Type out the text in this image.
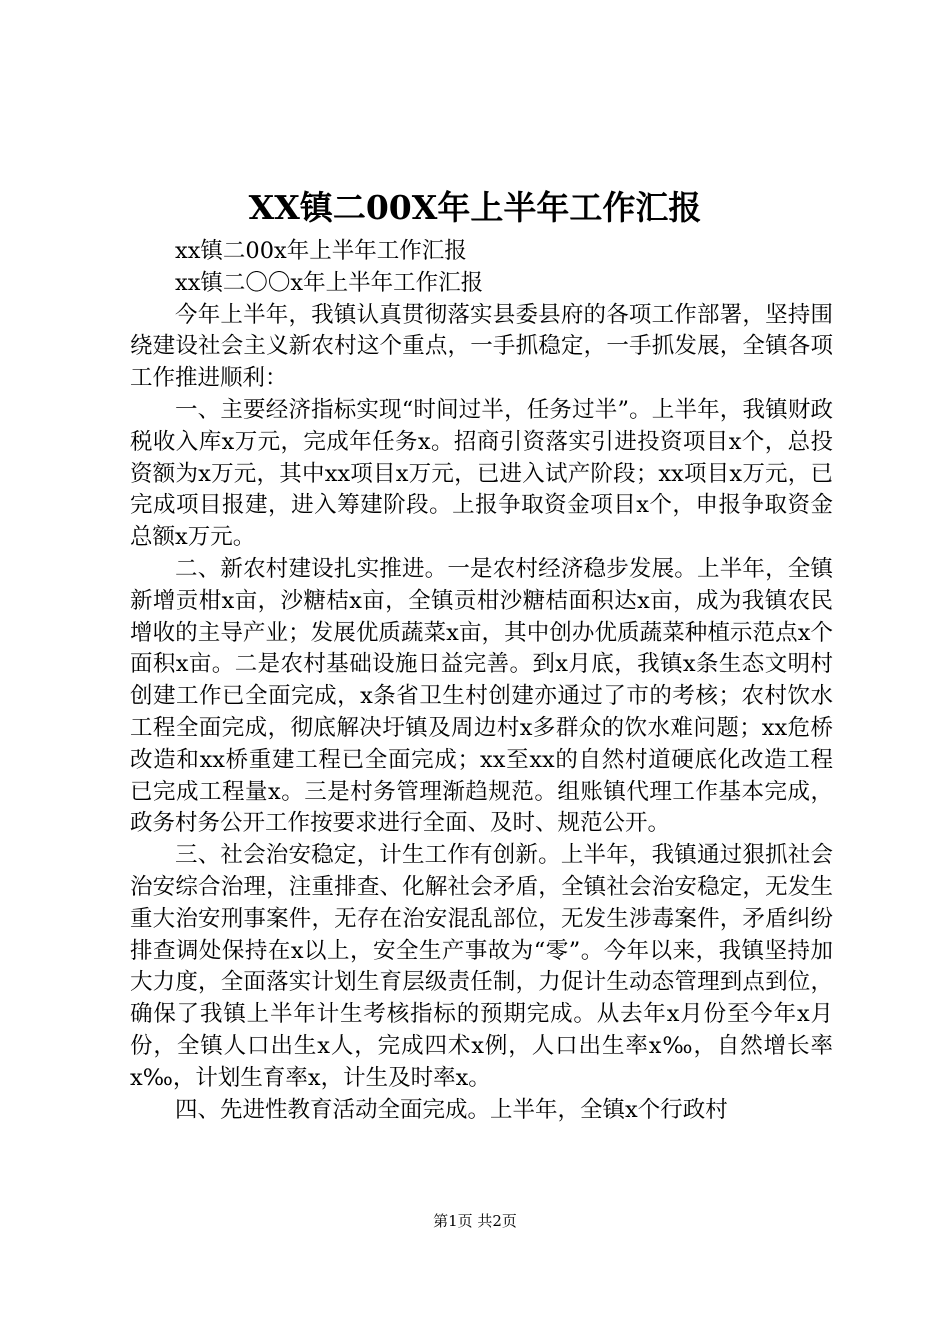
XX镇二00X年上半年工作汇报

xx镇二00x年上半年工作汇报

xx镇二〇〇x年上半年工作汇报

今年上半年，我镇认真贯彻落实县委县府的各项工作部署，坚持围绕建设社会主义新农村这个重点，一手抓稳定，一手抓发展，全镇各项工作推进顺利：

一、主要经济指标实现“时间过半，任务过半”。上半年，我镇财政税收入库x万元，完成年任务x。招商引资落实引进投资项目x个，总投资额为x万元，其中xx项目x万元，已进入试产阶段；xx项目x万元，已完成项目报建，进入筹建阶段。上报争取资金项目x个，申报争取资金总额x万元。

二、新农村建设扎实推进。一是农村经济稳步发展。上半年，全镇新增贡柑x亩，沙糖桔x亩，全镇贡柑沙糖桔面积达x亩，成为我镇农民增收的主导产业；发展优质蔬菜x亩，其中创办优质蔬菜种植示范点x个面积x亩。二是农村基础设施日益完善。到x月底，我镇x条生态文明村创建工作已全面完成，x条省卫生村创建亦通过了市的考核；农村饮水工程全面完成，彻底解决圩镇及周边村x多群众的饮水难问题；xx危桥改造和xx桥重建工程已全面完成；xx至xx的自然村道硬底化改造工程已完成工程量x。三是村务管理渐趋规范。组账镇代理工作基本完成，政务村务公开工作按要求进行全面、及时、规范公开。

三、社会治安稳定，计生工作有创新。上半年，我镇通过狠抓社会治安综合治理，注重排查、化解社会矛盾，全镇社会治安稳定，无发生重大治安刑事案件，无存在治安混乱部位，无发生涉毒案件，矛盾纠纷排查调处保持在x以上，安全生产事故为“零”。今年以来，我镇坚持加大力度，全面落实计划生育层级责任制，力促计生动态管理到点到位，确保了我镇上半年计生考核指标的预期完成。从去年x月份至今年x月份，全镇人口出生x人，完成四术x例，人口出生率x‰，自然增长率x‰，计划生育率x，计生及时率x。

四、先进性教育活动全面完成。上半年，全镇x个行政村

第1页 共2页
